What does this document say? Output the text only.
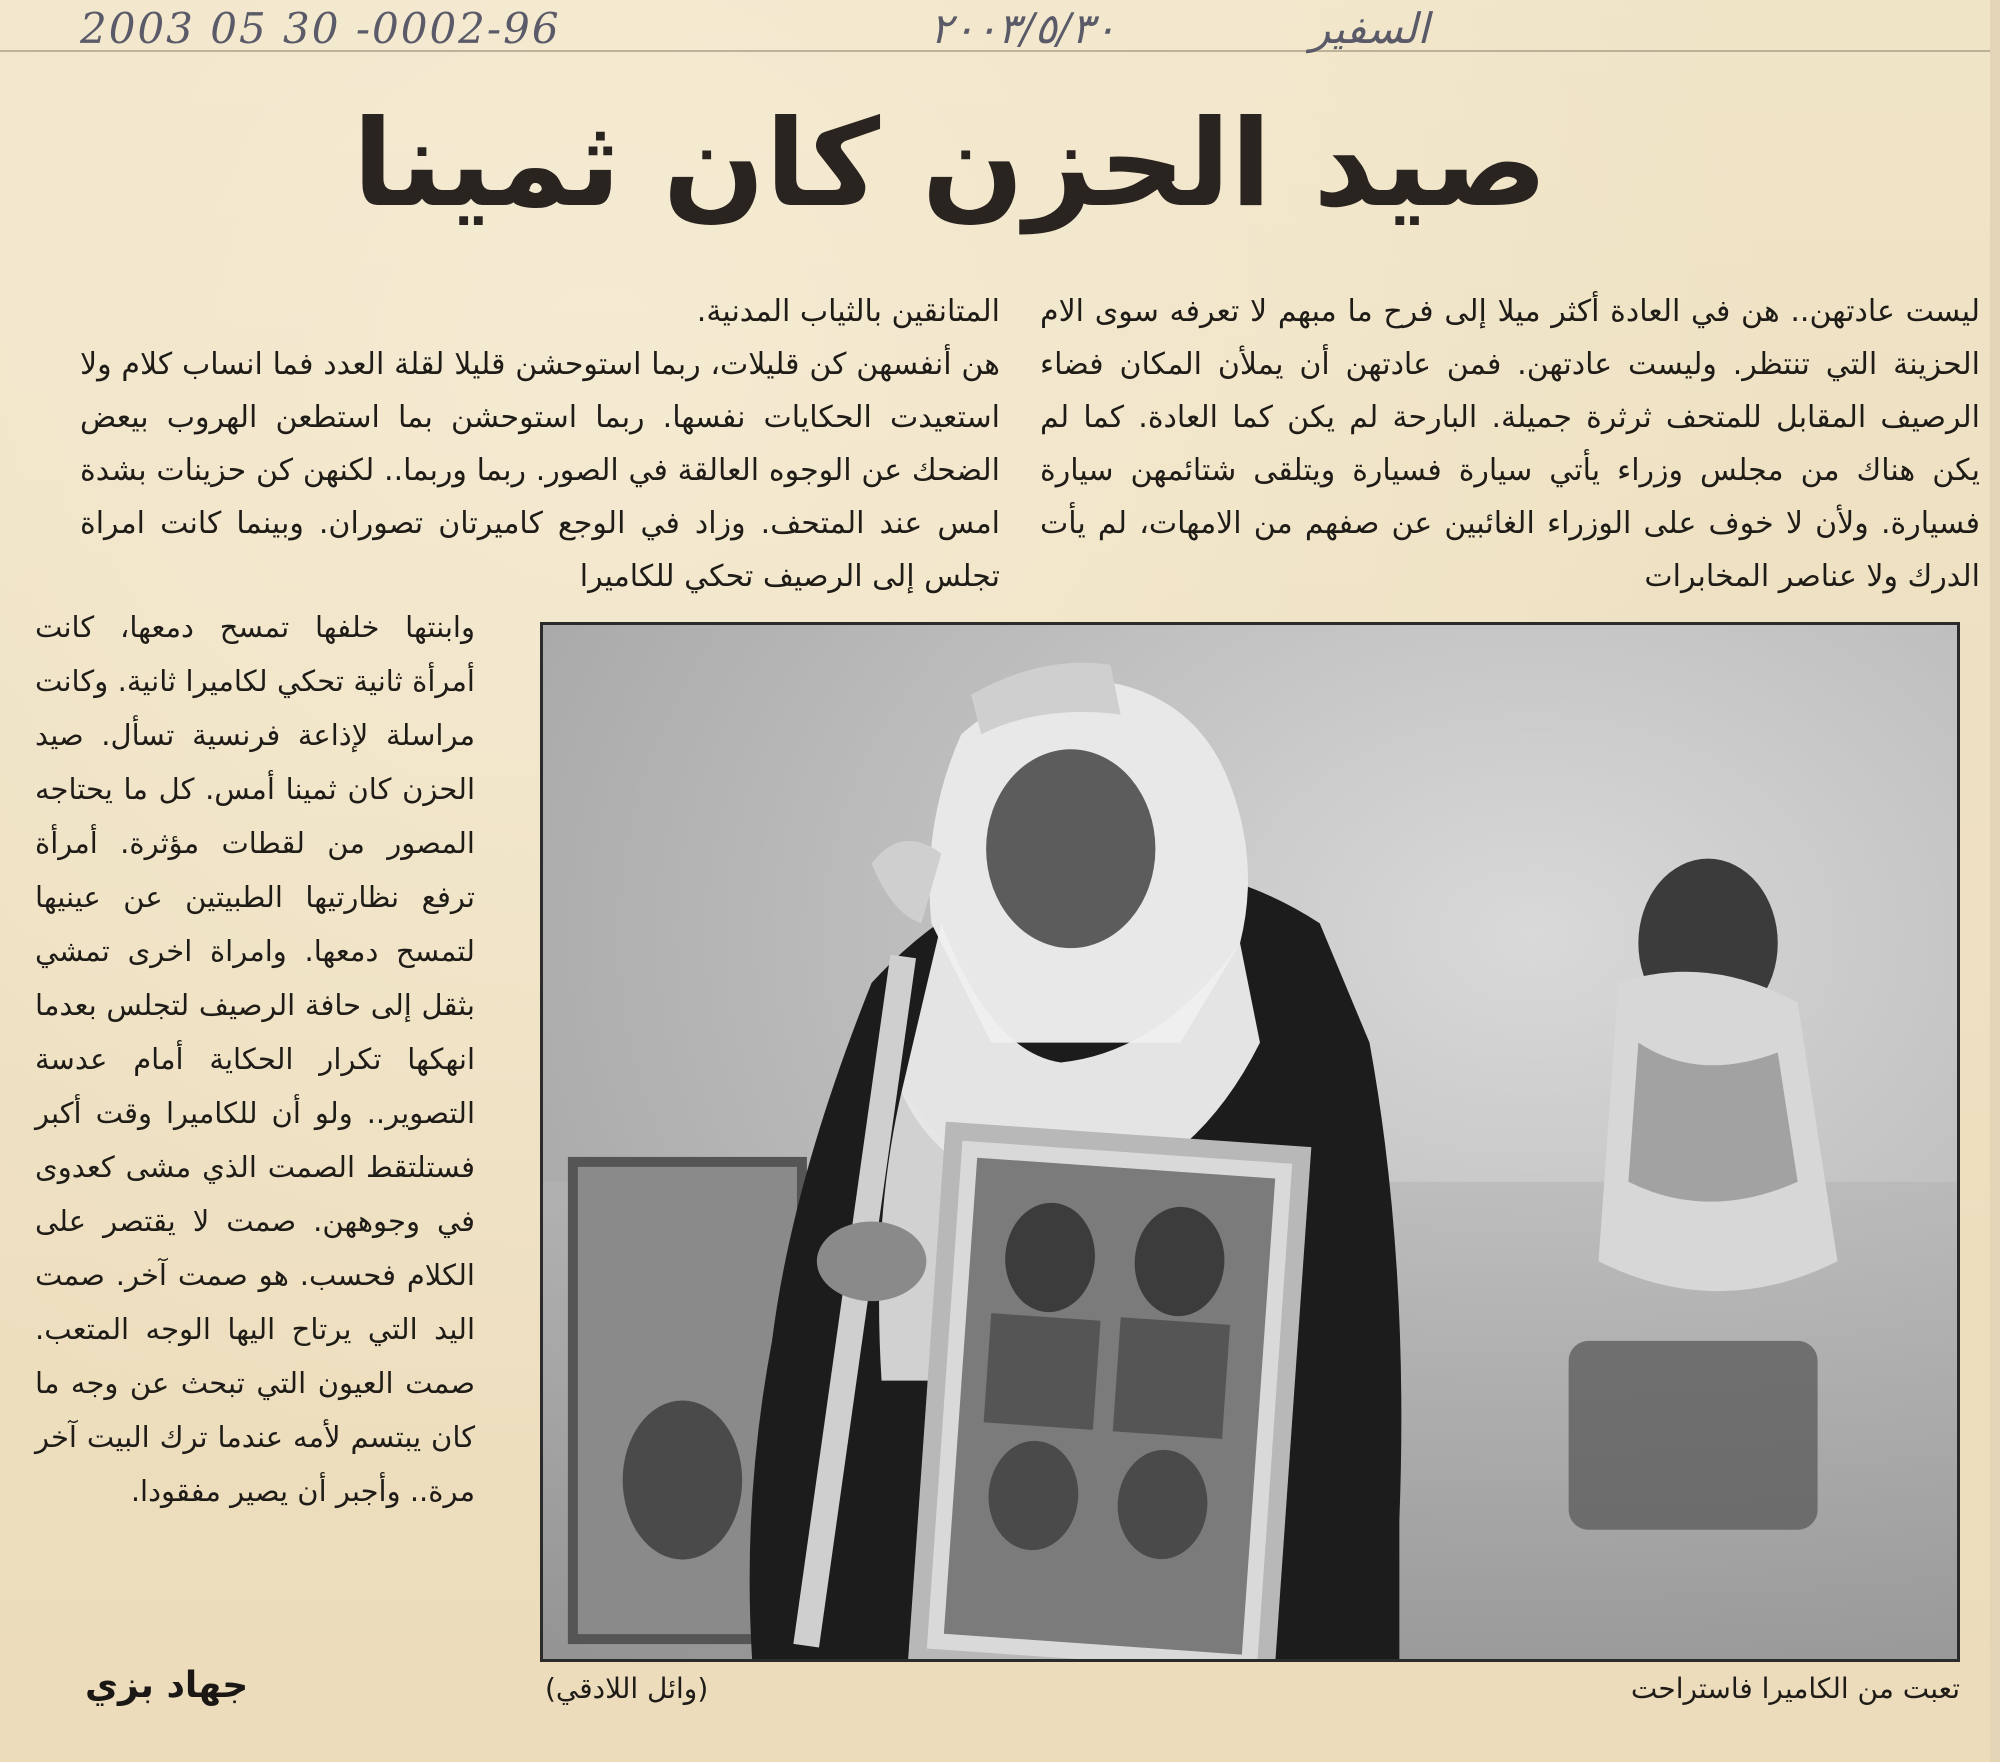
2003 05 30 -0002-96	٢٠٠٣/٥/٣٠	السفير
صيد الحزن كان ثمينا

ليست عادتهن.. هن في العادة أكثر ميلا إلى فرح ما مبهم لا تعرفه سوى الام الحزينة التي تنتظر. وليست عادتهن. فمن عادتهن أن يملأن المكان فضاء الرصيف المقابل للمتحف ثرثرة جميلة. البارحة لم يكن كما العادة. كما لم يكن هناك من مجلس وزراء يأتي سيارة فسيارة ويتلقى شتائمهن سيارة فسيارة. ولأن لا خوف على الوزراء الغائبين عن صفهم من الامهات، لم يأت الدرك ولا عناصر المخابرات

المتانقين بالثياب المدنية.

هن أنفسهن كن قليلات، ربما استوحشن قليلا لقلة العدد فما انساب كلام ولا استعيدت الحكايات نفسها. ربما استوحشن بما استطعن الهروب بيعض الضحك عن الوجوه العالقة في الصور. ربما وربما.. لكنهن كن حزينات بشدة امس عند المتحف. وزاد في الوجع كاميرتان تصوران. وبينما كانت امراة تجلس إلى الرصيف تحكي للكاميرا

وابنتها خلفها تمسح دمعها، كانت أمرأة ثانية تحكي لكاميرا ثانية. وكانت مراسلة لإذاعة فرنسية تسأل. صيد الحزن كان ثمينا أمس. كل ما يحتاجه المصور من لقطات مؤثرة. أمرأة ترفع نظارتيها الطبيتين عن عينيها لتمسح دمعها. وامراة اخرى تمشي بثقل إلى حافة الرصيف لتجلس بعدما انهكها تكرار الحكاية أمام عدسة التصوير.. ولو أن للكاميرا وقت أكبر فستلتقط الصمت الذي مشى كعدوى في وجوههن. صمت لا يقتصر على الكلام فحسب. هو صمت آخر. صمت اليد التي يرتاح اليها الوجه المتعب. صمت العيون التي تبحث عن وجه ما كان يبتسم لأمه عندما ترك البيت آخر مرة.. وأجبر أن يصير مفقودا.

تعبت من الكاميرا فاستراحت
(وائل اللادقي)
جهاد بزي
